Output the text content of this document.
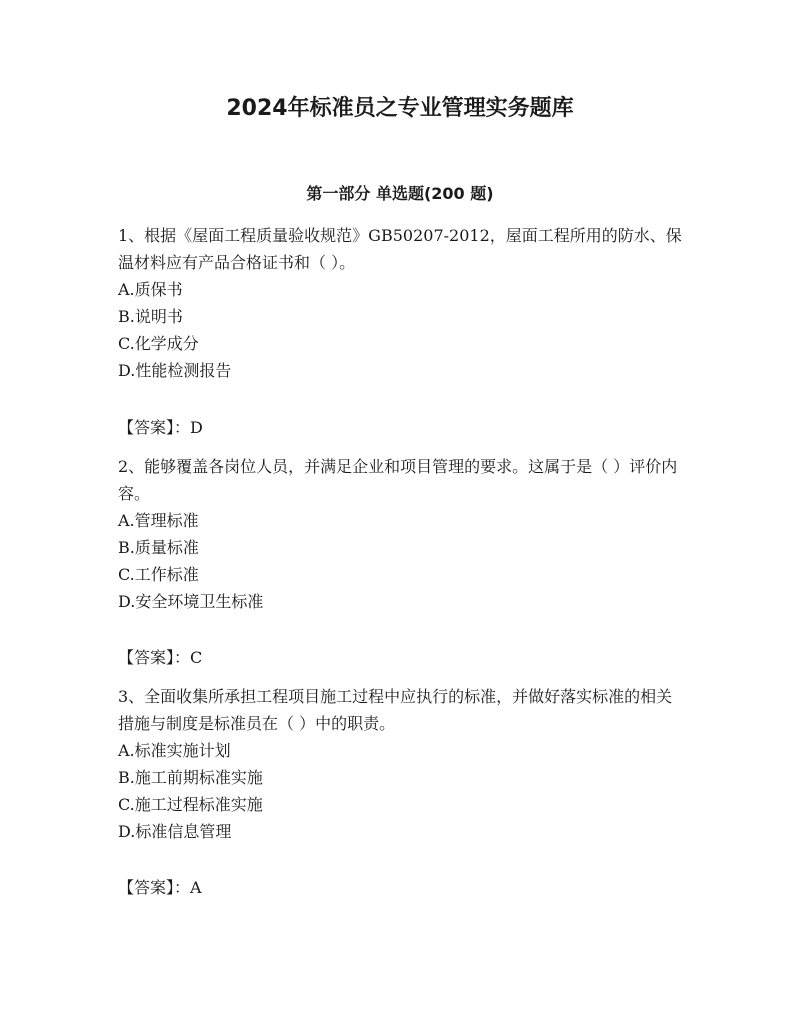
2024年标准员之专业管理实务题库
第一部分 单选题(200 题)

1、根据《屋面工程质量验收规范》GB50207-2012，屋面工程所用的防水、保温材料应有产品合格证书和（ ）。

A.质保书

B.说明书

C.化学成分

D.性能检测报告

【答案】：D

2、能够覆盖各岗位人员，并满足企业和项目管理的要求。这属于是（ ）评价内容。

A.管理标准

B.质量标准

C.工作标准

D.安全环境卫生标准

【答案】：C

3、全面收集所承担工程项目施工过程中应执行的标准，并做好落实标准的相关措施与制度是标准员在（ ）中的职责。

A.标准实施计划

B.施工前期标准实施

C.施工过程标准实施

D.标准信息管理

【答案】：A
